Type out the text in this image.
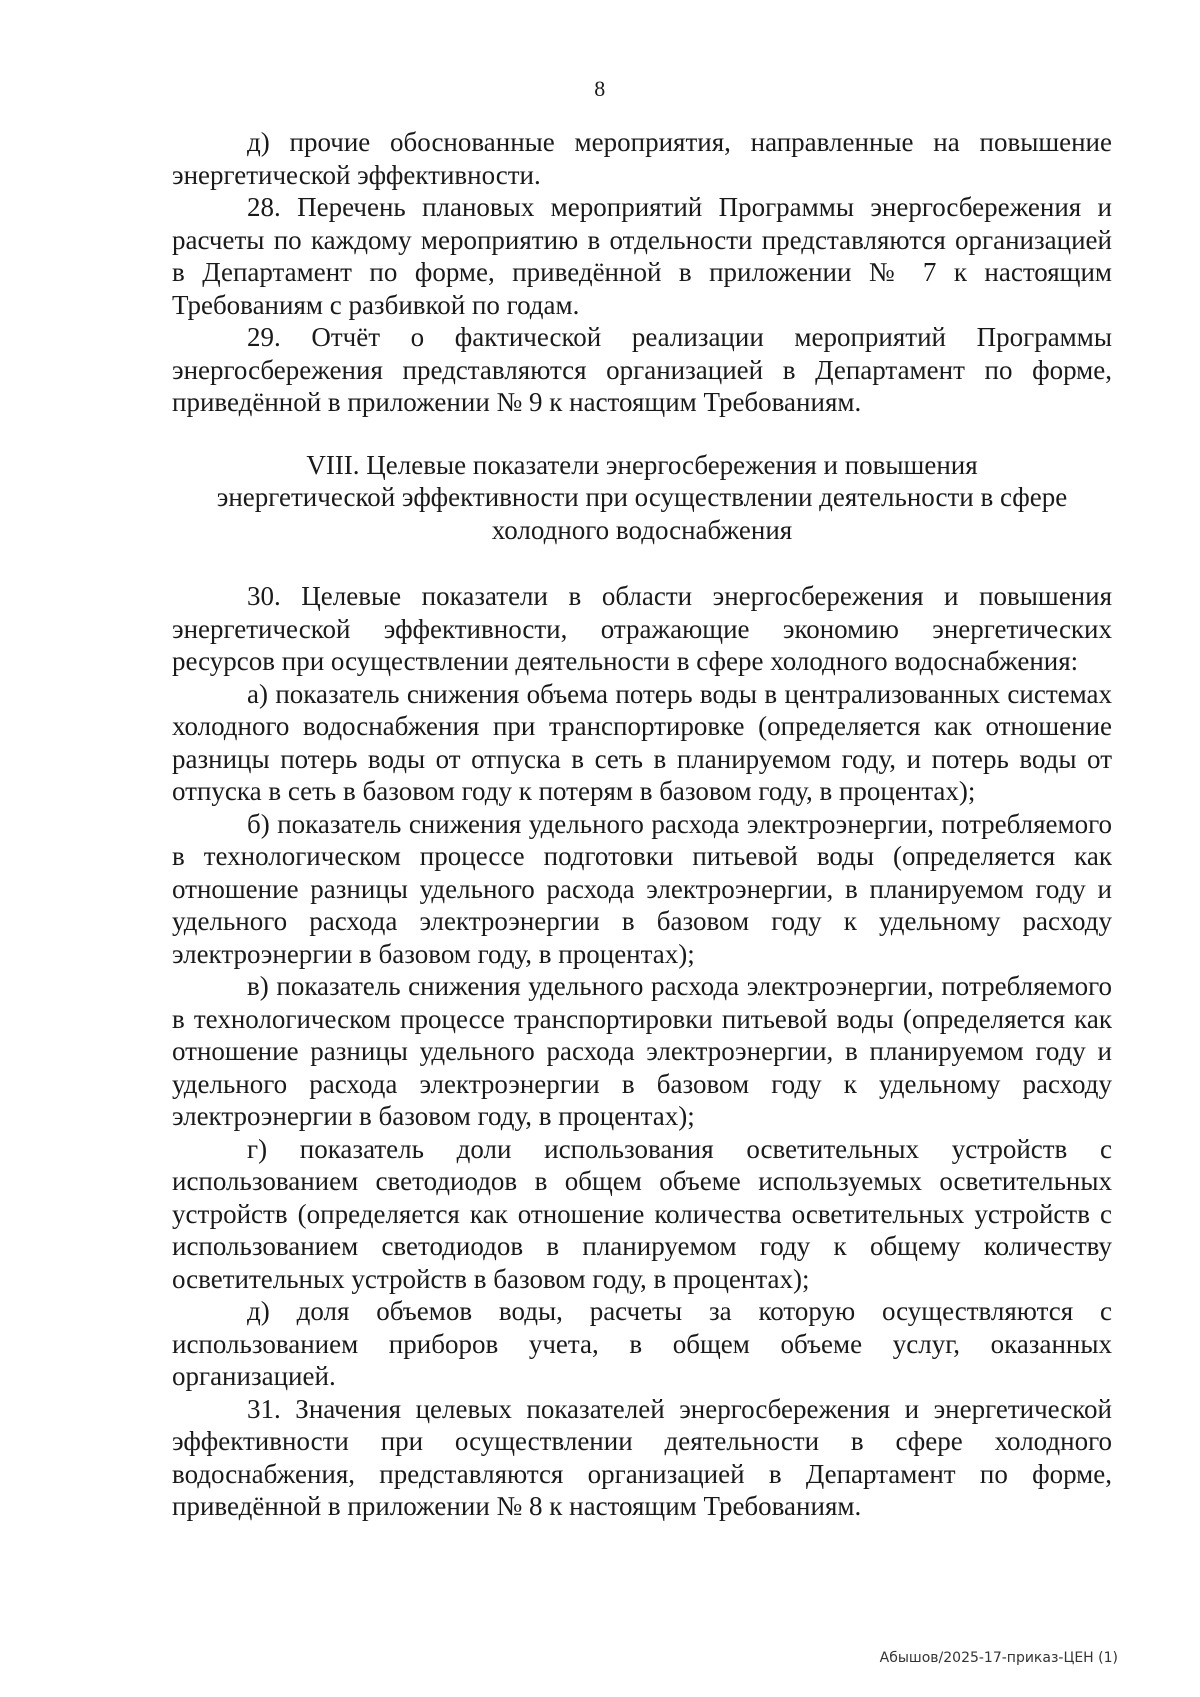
8

д) прочие обоснованные мероприятия, направленные на повышение энергетической эффективности.

28. Перечень плановых мероприятий Программы энергосбережения и расчеты по каждому мероприятию в отдельности представляются организацией в Департамент по форме, приведённой в приложении № 7 к настоящим Требованиям с разбивкой по годам.

29. Отчёт о фактической реализации мероприятий Программы энергосбережения представляются организацией в Департамент по форме, приведённой в приложении № 9 к настоящим Требованиям.

VIII. Целевые показатели энергосбережения и повышения
энергетической эффективности при осуществлении деятельности в сфере
холодного водоснабжения

30. Целевые показатели в области энергосбережения и повышения энергетической эффективности, отражающие экономию энергетических ресурсов при осуществлении деятельности в сфере холодного водоснабжения:

а) показатель снижения объема потерь воды в централизованных системах холодного водоснабжения при транспортировке (определяется как отношение разницы потерь воды от отпуска в сеть в планируемом году, и потерь воды от отпуска в сеть в базовом году к потерям в базовом году, в процентах);

б) показатель снижения удельного расхода электроэнергии, потребляемого в технологическом процессе подготовки питьевой воды (определяется как отношение разницы удельного расхода электроэнергии, в планируемом году и удельного расхода электроэнергии в базовом году к удельному расходу электроэнергии в базовом году, в процентах);

в) показатель снижения удельного расхода электроэнергии, потребляемого в технологическом процессе транспортировки питьевой воды (определяется как отношение разницы удельного расхода электроэнергии, в планируемом году и удельного расхода электроэнергии в базовом году к удельному расходу электроэнергии в базовом году, в процентах);

г) показатель доли использования осветительных устройств с использованием светодиодов в общем объеме используемых осветительных устройств (определяется как отношение количества осветительных устройств с использованием светодиодов в планируемом году к общему количеству осветительных устройств в базовом году, в процентах);

д) доля объемов воды, расчеты за которую осуществляются с использованием приборов учета, в общем объеме услуг, оказанных организацией.

31. Значения целевых показателей энергосбережения и энергетической эффективности при осуществлении деятельности в сфере холодного водоснабжения, представляются организацией в Департамент по форме, приведённой в приложении № 8 к настоящим Требованиям.

Абышов/2025-17-приказ-ЦЕН (1)
